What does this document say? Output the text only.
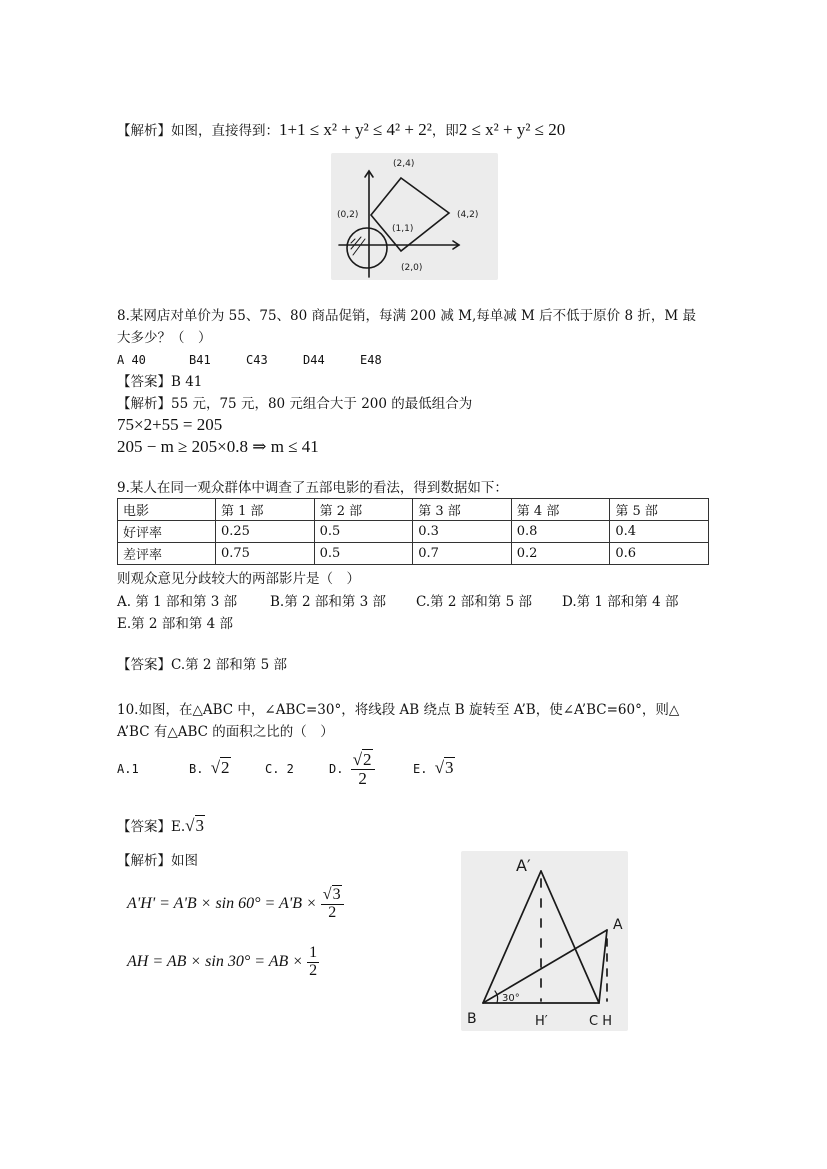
【解析】如图，直接得到：1+1 ≤ x² + y² ≤ 4² + 2²，即2 ≤ x² + y² ≤ 20
(2,4)
(0,2)	(4,2)
(1,1)
(2,0)
8.某网店对单价为 55、75、80 商品促销，每满 200 减 M,每单减 M 后不低于原价 8 折，M 最
大多少？（　）
A 40	B41	C43	D44	E48
【答案】B 41
【解析】55 元，75 元，80 元组合大于 200 的最低组合为
75×2+55 = 205
205 − m ≥ 205×0.8 ⇒ m ≤ 41
9.某人在同一观众群体中调查了五部电影的看法，得到数据如下：
电影	第 1 部	第 2 部	第 3 部	第 4 部	第 5 部
好评率	0.25	0.5	0.3	0.8	0.4
差评率	0.75	0.5	0.7	0.2	0.6
则观众意见分歧较大的两部影片是（　）
A. 第 1 部和第 3 部 B.第 2 部和第 3 部 C.第 2 部和第 5 部 D.第 1 部和第 4 部
E.第 2 部和第 4 部
【答案】C.第 2 部和第 5 部
10.如图，在△ABC 中，∠ABC=30°，将线段 AB 绕点 B 旋转至 A’B，使∠A’BC=60°，则△
A’BC 有△ABC 的面积之比的（　）
A.1	B. √2	C. 2	D. $\frac{√2}{2}$	E. √3
【答案】E.√3
【解析】如图
$A'H' = A'B \times \sin 60^\circ = A'B \times \frac{√3}{2}$
AH = AB × sin 30° = AB × $\frac{1}{2}$
A′
A
B	H′	C H
30°
